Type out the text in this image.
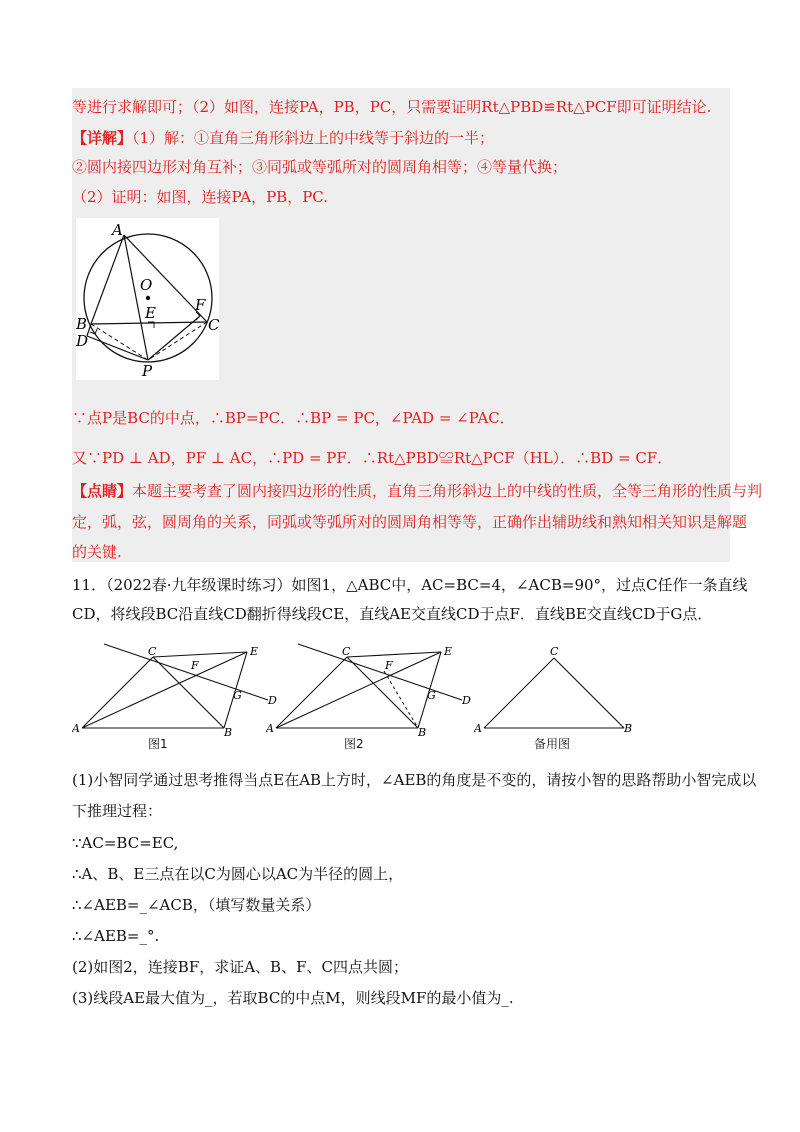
等进行求解即可；（2）如图，连接PA，PB，PC，只需要证明Rt△PBD≌Rt△PCF即可证明结论.
【详解】（1）解：①直角三角形斜边上的中线等于斜边的一半；
②圆内接四边形对角互补；③同弧或等弧所对的圆周角相等；④等量代换；
（2）证明：如图，连接PA，PB，PC.
A
O
F
B
E
C
D
P
∵点P是BC的中点，∴BP=PC．∴BP = PC，∠PAD = ∠PAC．
又∵PD ⊥ AD，PF ⊥ AC，∴PD = PF．∴Rt△PBD≌Rt△PCF（HL）．∴BD = CF．
【点睛】本题主要考查了圆内接四边形的性质，直角三角形斜边上的中线的性质，全等三角形的性质与判
定，弧，弦，圆周角的关系，同弧或等弧所对的圆周角相等等，正确作出辅助线和熟知相关知识是解题
的关键.
11．（2022春·九年级课时练习）如图1，△ABC中，AC=BC=4，∠ACB=90°，过点C任作一条直线
CD，将线段BC沿直线CD翻折得线段CE，直线AE交直线CD于点F．直线BE交直线CD于G点．
A	B
C
D
E
F
G
图1
A	B
C
D
E
F
G
图2
A	B
C
备用图
(1)小智同学通过思考推得当点E在AB上方时，∠AEB的角度是不变的，请按小智的思路帮助小智完成以
下推理过程：
∵AC=BC=EC,
∴A、B、E三点在以C为圆心以AC为半径的圆上，
∴∠AEB=_∠ACB，（填写数量关系）
∴∠AEB=_°.
(2)如图2，连接BF，求证A、B、F、C四点共圆；
(3)线段AE最大值为_，若取BC的中点M，则线段MF的最小值为_.
